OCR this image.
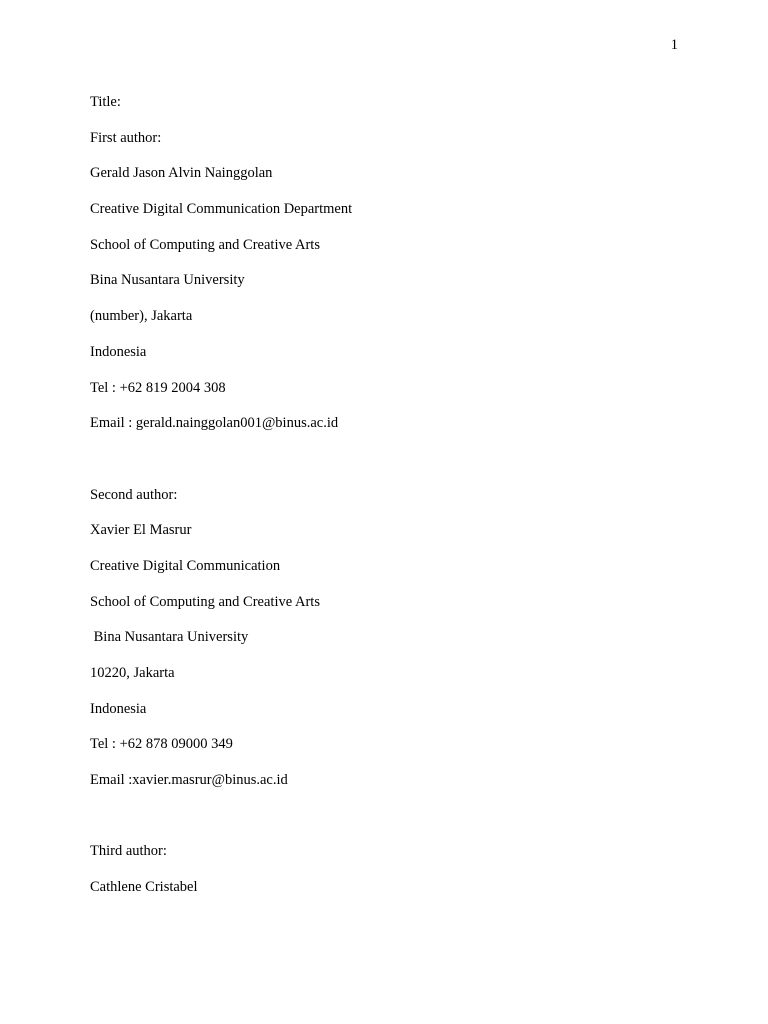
1
Title:
First author:
Gerald Jason Alvin Nainggolan
Creative Digital Communication Department
School of Computing and Creative Arts
Bina Nusantara University
(number), Jakarta
Indonesia
Tel : +62 819 2004 308
Email : gerald.nainggolan001@binus.ac.id
Second author:
Xavier El Masrur
Creative Digital Communication
School of Computing and Creative Arts
Bina Nusantara University
10220, Jakarta
Indonesia
Tel : +62 878 09000 349
Email :xavier.masrur@binus.ac.id
Third author:
Cathlene Cristabel
